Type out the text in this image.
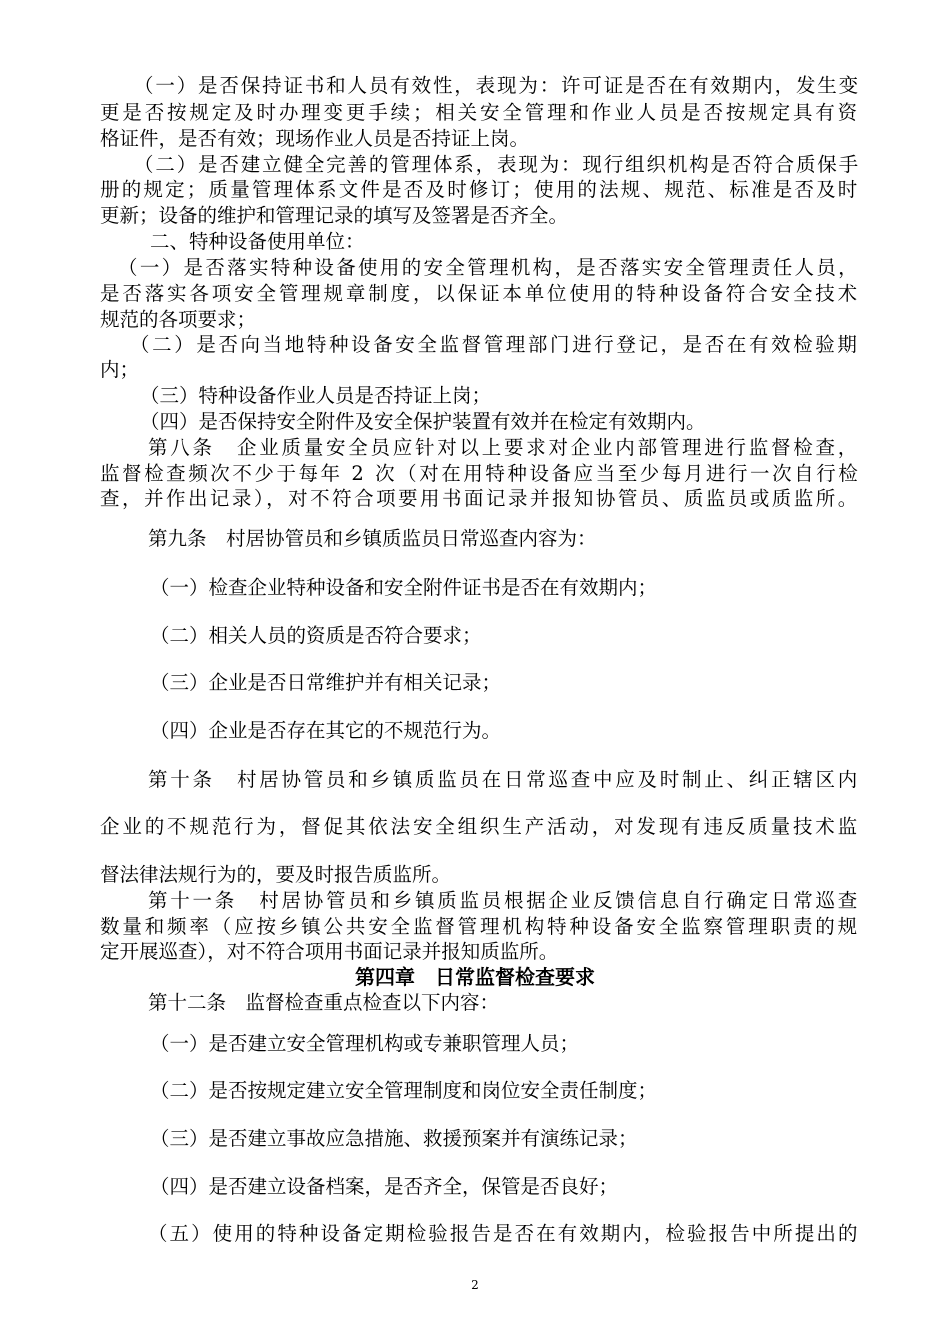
（一）是否保持证书和人员有效性，表现为：许可证是否在有效期内，发生变
更是否按规定及时办理变更手续；相关安全管理和作业人员是否按规定具有资
格证件，是否有效；现场作业人员是否持证上岗。
（二）是否建立健全完善的管理体系，表现为：现行组织机构是否符合质保手
册的规定；质量管理体系文件是否及时修订；使用的法规、规范、标准是否及时
更新；设备的维护和管理记录的填写及签署是否齐全。
二、特种设备使用单位：
（一）是否落实特种设备使用的安全管理机构，是否落实安全管理责任人员，
是否落实各项安全管理规章制度，以保证本单位使用的特种设备符合安全技术
规范的各项要求；
（二）是否向当地特种设备安全监督管理部门进行登记，是否在有效检验期
内；
（三）特种设备作业人员是否持证上岗；
（四）是否保持安全附件及安全保护装置有效并在检定有效期内。
第八条　企业质量安全员应针对以上要求对企业内部管理进行监督检查，
监督检查频次不少于每年 2 次（对在用特种设备应当至少每月进行一次自行检
查，并作出记录），对不符合项要用书面记录并报知协管员、质监员或质监所。
第九条　村居协管员和乡镇质监员日常巡查内容为：
（一）检查企业特种设备和安全附件证书是否在有效期内；
（二）相关人员的资质是否符合要求；
（三）企业是否日常维护并有相关记录；
（四）企业是否存在其它的不规范行为。
第十条　村居协管员和乡镇质监员在日常巡查中应及时制止、纠正辖区内
企业的不规范行为，督促其依法安全组织生产活动，对发现有违反质量技术监
督法律法规行为的，要及时报告质监所。
第十一条　村居协管员和乡镇质监员根据企业反馈信息自行确定日常巡查
数量和频率（应按乡镇公共安全监督管理机构特种设备安全监察管理职责的规
定开展巡查），对不符合项用书面记录并报知质监所。
第四章　日常监督检查要求
第十二条　监督检查重点检查以下内容：
（一）是否建立安全管理机构或专兼职管理人员；
（二）是否按规定建立安全管理制度和岗位安全责任制度；
（三）是否建立事故应急措施、救援预案并有演练记录；
（四）是否建立设备档案，是否齐全，保管是否良好；
（五）使用的特种设备定期检验报告是否在有效期内，检验报告中所提出的
2
